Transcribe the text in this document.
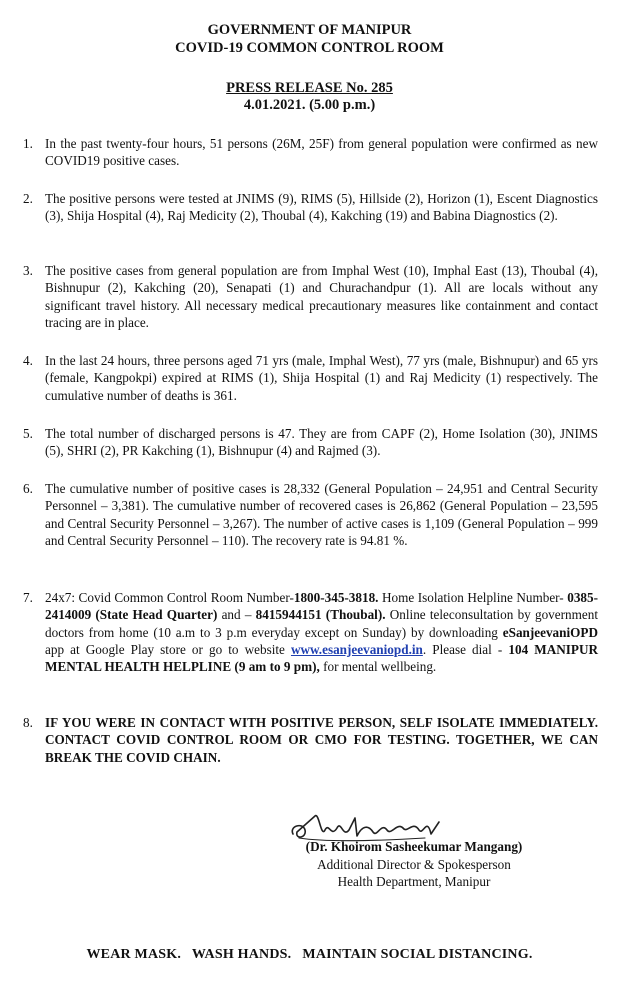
GOVERNMENT OF MANIPUR
COVID-19 COMMON CONTROL ROOM
PRESS RELEASE No. 285
4.01.2021. (5.00 p.m.)
1. In the past twenty-four hours, 51 persons (26M, 25F) from general population were confirmed as new COVID19 positive cases.
2. The positive persons were tested at JNIMS (9), RIMS (5), Hillside (2), Horizon (1), Escent Diagnostics (3), Shija Hospital (4), Raj Medicity (2), Thoubal (4), Kakching (19) and Babina Diagnostics (2).
3. The positive cases from general population are from Imphal West (10), Imphal East (13), Thoubal (4), Bishnupur (2), Kakching (20), Senapati (1) and Churachandpur (1). All are locals without any significant travel history. All necessary medical precautionary measures like containment and contact tracing are in place.
4. In the last 24 hours, three persons aged 71 yrs (male, Imphal West), 77 yrs (male, Bishnupur) and 65 yrs (female, Kangpokpi) expired at RIMS (1), Shija Hospital (1) and Raj Medicity (1) respectively. The cumulative number of deaths is 361.
5. The total number of discharged persons is 47. They are from CAPF (2), Home Isolation (30), JNIMS (5), SHRI (2), PR Kakching (1), Bishnupur (4) and Rajmed (3).
6. The cumulative number of positive cases is 28,332 (General Population – 24,951 and Central Security Personnel – 3,381). The cumulative number of recovered cases is 26,862 (General Population – 23,595 and Central Security Personnel – 3,267). The number of active cases is 1,109 (General Population – 999 and Central Security Personnel – 110). The recovery rate is 94.81 %.
7. 24x7: Covid Common Control Room Number-1800-345-3818. Home Isolation Helpline Number- 0385-2414009 (State Head Quarter) and – 8415944151 (Thoubal). Online teleconsultation by government doctors from home (10 a.m to 3 p.m everyday except on Sunday) by downloading eSanjeevaniOPD app at Google Play store or go to website www.esanjeevaniopd.in. Please dial - 104 MANIPUR MENTAL HEALTH HELPLINE (9 am to 9 pm), for mental wellbeing.
8. IF YOU WERE IN CONTACT WITH POSITIVE PERSON, SELF ISOLATE IMMEDIATELY. CONTACT COVID CONTROL ROOM OR CMO FOR TESTING. TOGETHER, WE CAN BREAK THE COVID CHAIN.
(Dr. Khoirom Sasheekumar Mangang)
Additional Director & Spokesperson
Health Department, Manipur
WEAR MASK.   WASH HANDS.   MAINTAIN SOCIAL DISTANCING.
